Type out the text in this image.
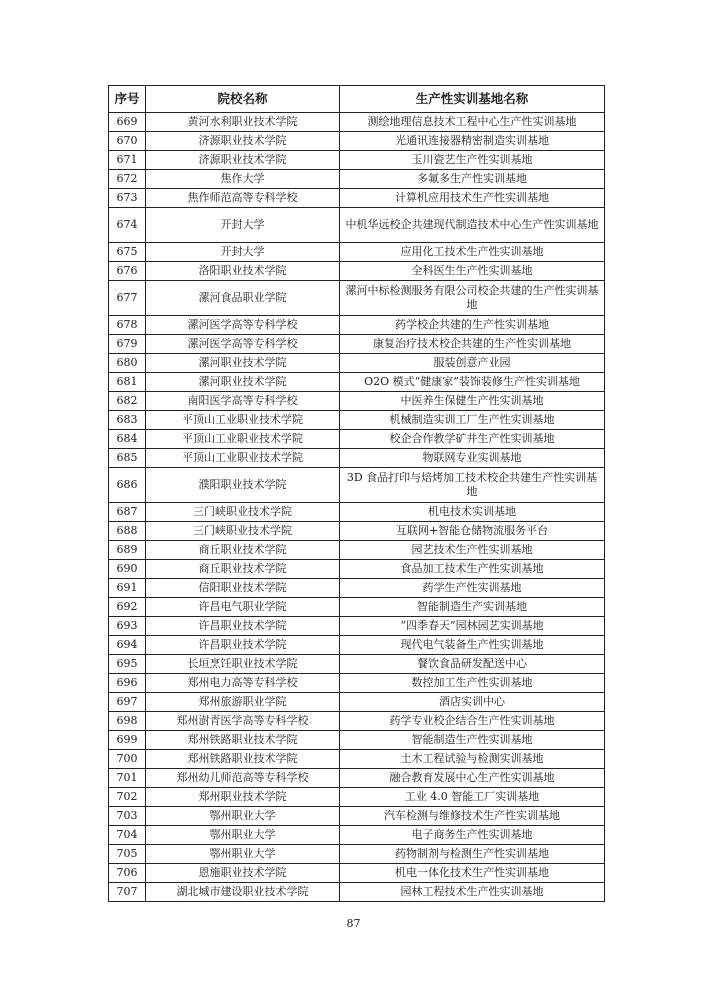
序号	院校名称	生产性实训基地名称
669	黄河水利职业技术学院	测绘地理信息技术工程中心生产性实训基地
670	济源职业技术学院	光通讯连接器精密制造实训基地
671	济源职业技术学院	玉川瓷艺生产性实训基地
672	焦作大学	多氟多生产性实训基地
673	焦作师范高等专科学校	计算机应用技术生产性实训基地
674	开封大学	中机华远校企共建现代制造技术中心生产性实训基地
675	开封大学	应用化工技术生产性实训基地
676	洛阳职业技术学院	全科医生生产性实训基地
677	漯河食品职业学院	漯河中标检测服务有限公司校企共建的生产性实训基地
678	漯河医学高等专科学校	药学校企共建的生产性实训基地
679	漯河医学高等专科学校	康复治疗技术校企共建的生产性实训基地
680	漯河职业技术学院	服装创意产业园
681	漯河职业技术学院	O2O 模式“健康家”装饰装修生产性实训基地
682	南阳医学高等专科学校	中医养生保健生产性实训基地
683	平顶山工业职业技术学院	机械制造实训工厂生产性实训基地
684	平顶山工业职业技术学院	校企合作教学矿井生产性实训基地
685	平顶山工业职业技术学院	物联网专业实训基地
686	濮阳职业技术学院	3D 食品打印与焙烤加工技术校企共建生产性实训基地
687	三门峡职业技术学院	机电技术实训基地
688	三门峡职业技术学院	互联网+智能仓储物流服务平台
689	商丘职业技术学院	园艺技术生产性实训基地
690	商丘职业技术学院	食品加工技术生产性实训基地
691	信阳职业技术学院	药学生产性实训基地
692	许昌电气职业学院	智能制造生产实训基地
693	许昌职业技术学院	“四季春天”园林园艺实训基地
694	许昌职业技术学院	现代电气装备生产性实训基地
695	长垣烹饪职业技术学院	餐饮食品研发配送中心
696	郑州电力高等专科学校	数控加工生产性实训基地
697	郑州旅游职业学院	酒店实训中心
698	郑州澍青医学高等专科学校	药学专业校企结合生产性实训基地
699	郑州铁路职业技术学院	智能制造生产性实训基地
700	郑州铁路职业技术学院	土木工程试验与检测实训基地
701	郑州幼儿师范高等专科学校	融合教育发展中心生产性实训基地
702	郑州职业技术学院	工业 4.0 智能工厂实训基地
703	鄂州职业大学	汽车检测与维修技术生产性实训基地
704	鄂州职业大学	电子商务生产性实训基地
705	鄂州职业大学	药物制剂与检测生产性实训基地
706	恩施职业技术学院	机电一体化技术生产性实训基地
707	湖北城市建设职业技术学院	园林工程技术生产性实训基地
87
